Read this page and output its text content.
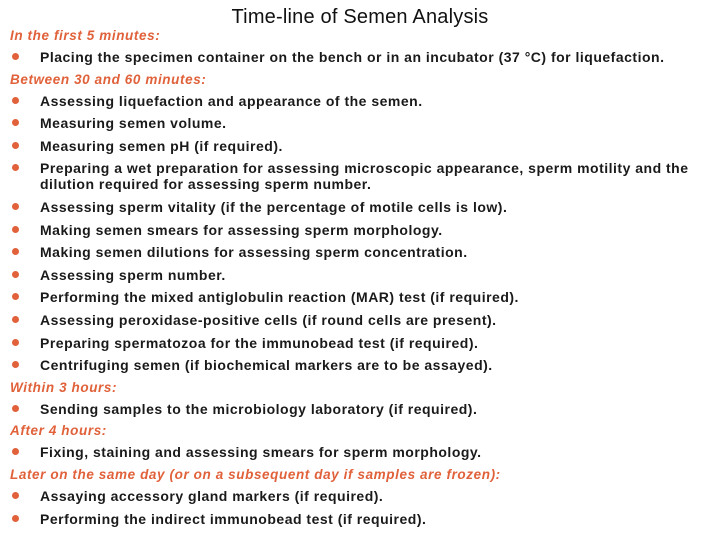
Time-line of Semen Analysis
In the first 5 minutes:
Placing the specimen container on the bench or in an incubator (37 °C) for liquefaction.
Between 30 and 60 minutes:
Assessing liquefaction and appearance of the semen.
Measuring semen volume.
Measuring semen pH (if required).
Preparing a wet preparation for assessing microscopic appearance, sperm motility and the dilution required for assessing sperm number.
Assessing sperm vitality (if the percentage of motile cells is low).
Making semen smears for assessing sperm morphology.
Making semen dilutions for assessing sperm concentration.
Assessing sperm number.
Performing the mixed antiglobulin reaction (MAR) test (if required).
Assessing peroxidase-positive cells (if round cells are present).
Preparing spermatozoa for the immunobead test (if required).
Centrifuging semen (if biochemical markers are to be assayed).
Within 3 hours:
Sending samples to the microbiology laboratory (if required).
After 4 hours:
Fixing, staining and assessing smears for sperm morphology.
Later on the same day (or on a subsequent day if samples are frozen):
Assaying accessory gland markers (if required).
Performing the indirect immunobead test (if required).
